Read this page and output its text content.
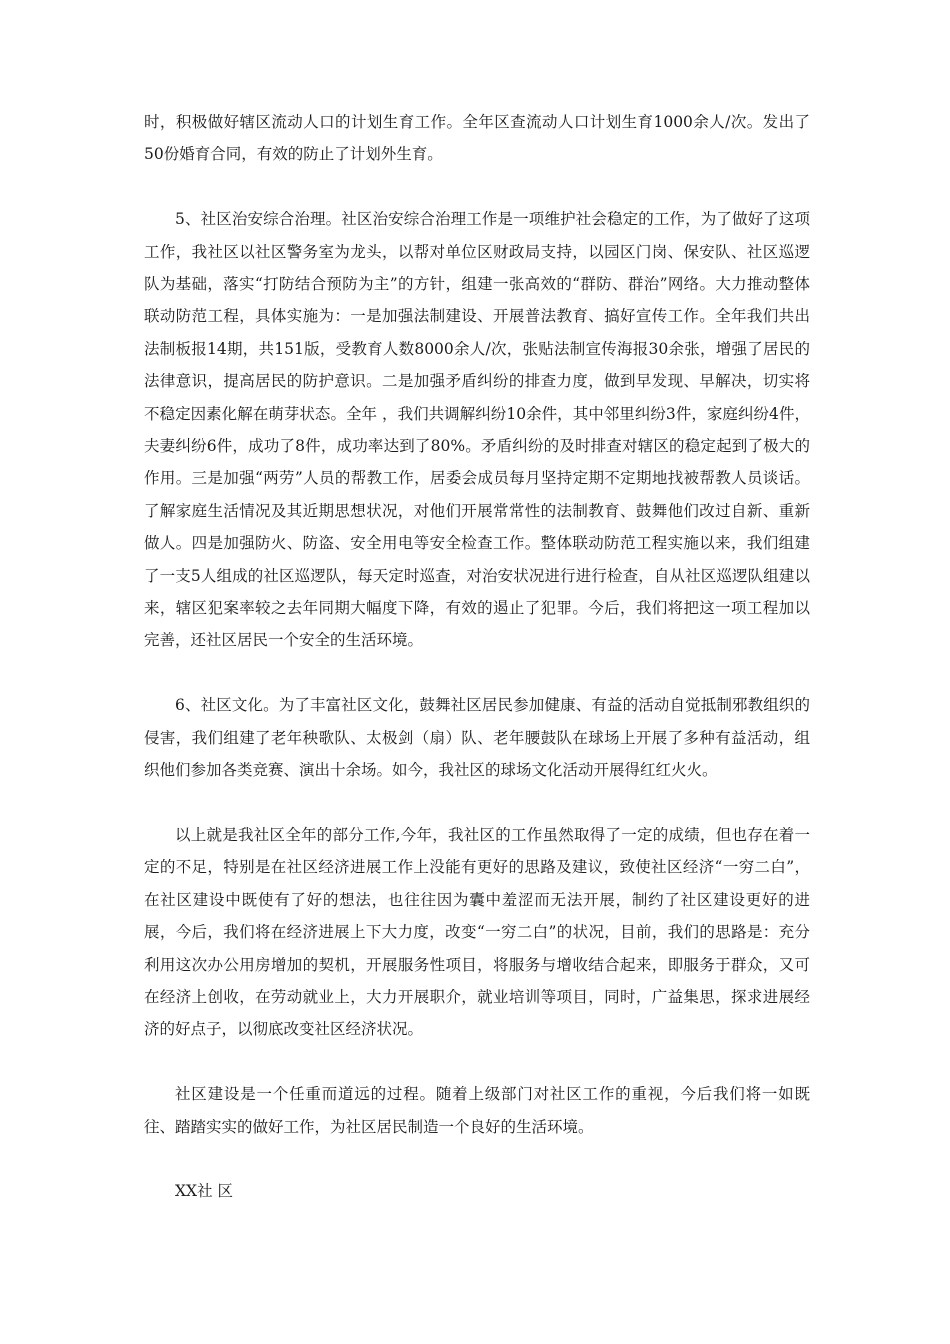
时，积极做好辖区流动人口的计划生育工作。全年区查流动人口计划生育1000余人/次。发出了50份婚育合同，有效的防止了计划外生育。

5、社区治安综合治理。社区治安综合治理工作是一项维护社会稳定的工作，为了做好了这项工作，我社区以社区警务室为龙头，以帮对单位区财政局支持，以园区门岗、保安队、社区巡逻队为基础，落实“打防结合预防为主”的方针，组建一张高效的“群防、群治”网络。大力推动整体联动防范工程，具体实施为：一是加强法制建设、开展普法教育、搞好宣传工作。全年我们共出法制板报14期，共151版，受教育人数8000余人/次，张贴法制宣传海报30余张，增强了居民的法律意识，提高居民的防护意识。二是加强矛盾纠纷的排查力度，做到早发现、早解决，切实将不稳定因素化解在萌芽状态。全年 ，我们共调解纠纷10余件，其中邻里纠纷3件，家庭纠纷4件，夫妻纠纷6件，成功了8件，成功率达到了80%。矛盾纠纷的及时排查对辖区的稳定起到了极大的作用。三是加强“两劳”人员的帮教工作，居委会成员每月坚持定期不定期地找被帮教人员谈话。了解家庭生活情况及其近期思想状况，对他们开展常常性的法制教育、鼓舞他们改过自新、重新做人。四是加强防火、防盗、安全用电等安全检查工作。整体联动防范工程实施以来，我们组建了一支5人组成的社区巡逻队，每天定时巡查，对治安状况进行进行检查，自从社区巡逻队组建以来，辖区犯案率较之去年同期大幅度下降，有效的遏止了犯罪。今后，我们将把这一项工程加以完善，还社区居民一个安全的生活环境。

6、社区文化。为了丰富社区文化，鼓舞社区居民参加健康、有益的活动自觉抵制邪教组织的侵害，我们组建了老年秧歌队、太极剑（扇）队、老年腰鼓队在球场上开展了多种有益活动，组织他们参加各类竞赛、演出十余场。如今，我社区的球场文化活动开展得红红火火。

以上就是我社区全年的部分工作,今年，我社区的工作虽然取得了一定的成绩，但也存在着一定的不足，特别是在社区经济进展工作上没能有更好的思路及建议，致使社区经济“一穷二白”，在社区建设中既使有了好的想法，也往往因为囊中羞涩而无法开展，制约了社区建设更好的进展，今后，我们将在经济进展上下大力度，改变“一穷二白”的状况，目前，我们的思路是：充分利用这次办公用房增加的契机，开展服务性项目，将服务与增收结合起来，即服务于群众，又可在经济上创收，在劳动就业上，大力开展职介，就业培训等项目，同时，广益集思，探求进展经济的好点子，以彻底改变社区经济状况。

社区建设是一个任重而道远的过程。随着上级部门对社区工作的重视，今后我们将一如既往、踏踏实实的做好工作，为社区居民制造一个良好的生活环境。

XX社 区
